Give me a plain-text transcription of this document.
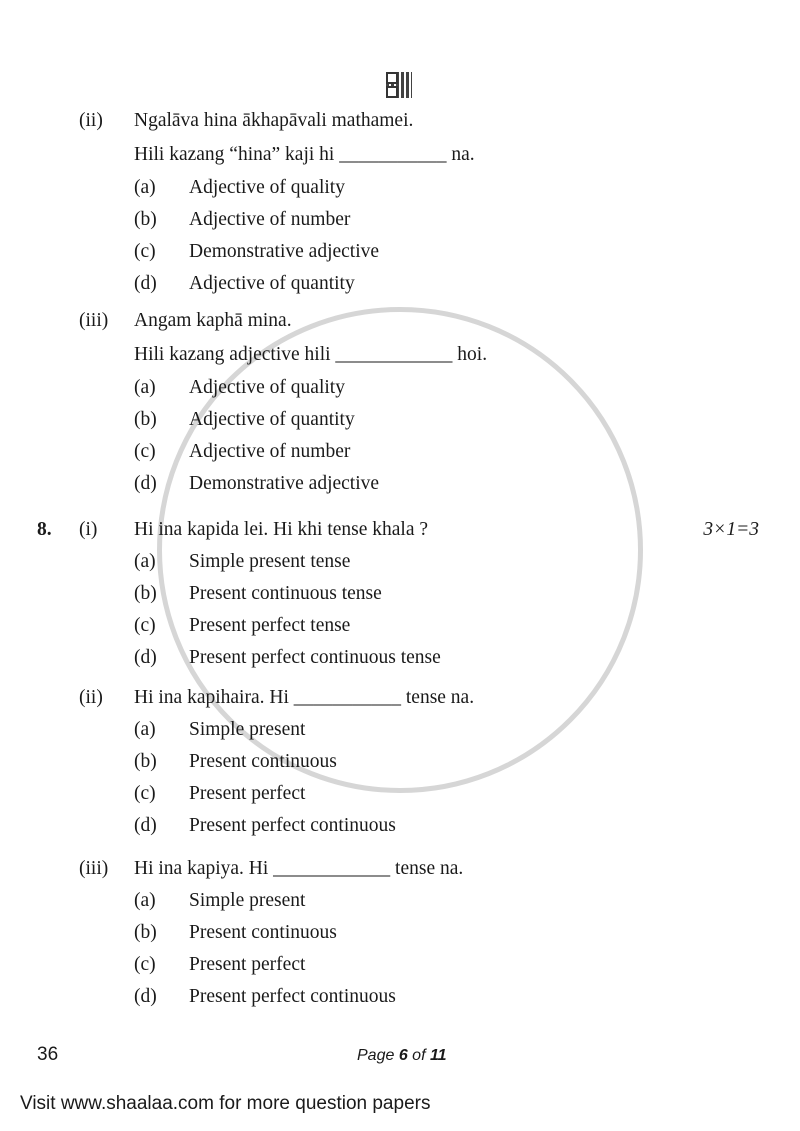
(ii) Ngalāva hina ākhapāvali mathamei.
Hili kazang “hina” kaji hi ___________ na.
(a) Adjective of quality
(b) Adjective of number
(c) Demonstrative adjective
(d) Adjective of quantity
(iii) Angam kaphā mina.
Hili kazang adjective hili ____________ hoi.
(a) Adjective of quality
(b) Adjective of quantity
(c) Adjective of number
(d) Demonstrative adjective
8.	3×1=3
(i) Hi ina kapida lei. Hi khi tense khala ?
(a) Simple present tense
(b) Present continuous tense
(c) Present perfect tense
(d) Present perfect continuous tense
(ii) Hi ina kapihaira. Hi ___________ tense na.
(a) Simple present
(b) Present continuous
(c) Present perfect
(d) Present perfect continuous
(iii) Hi ina kapiya. Hi ____________ tense na.
(a) Simple present
(b) Present continuous
(c) Present perfect
(d) Present perfect continuous
36	Page 6 of 11
Visit www.shaalaa.com for more question papers
